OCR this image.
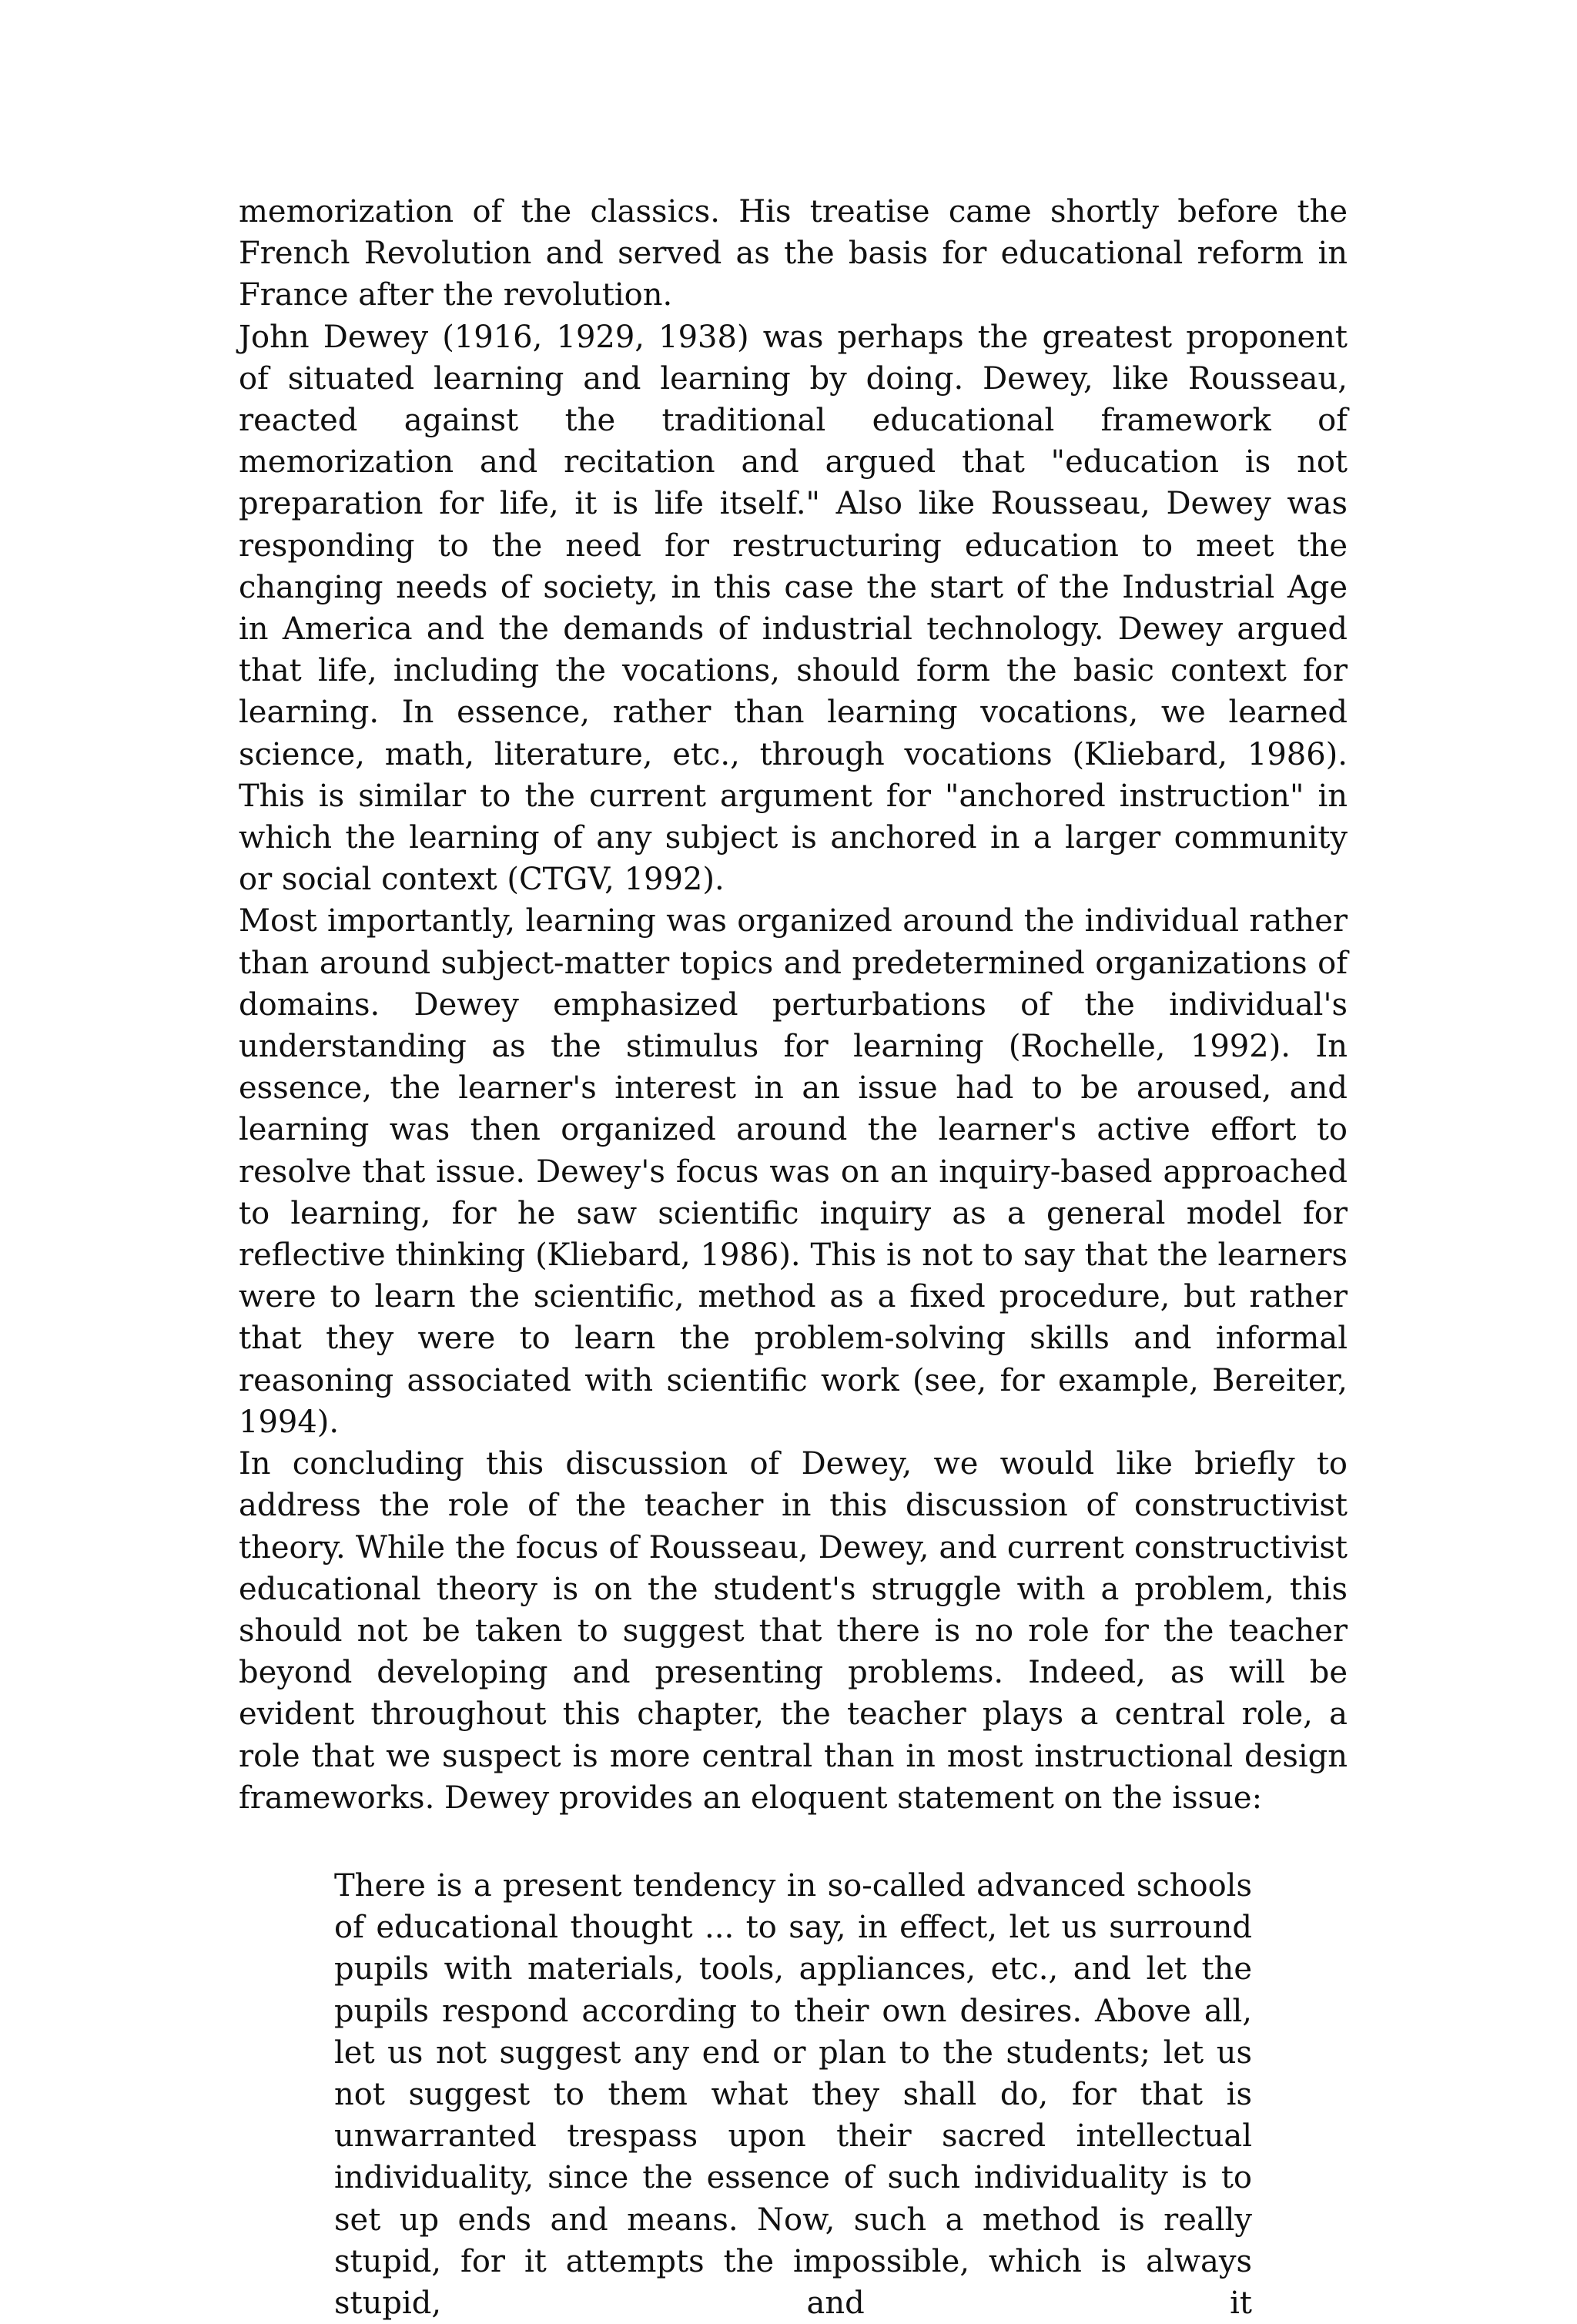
memorization of the classics. His treatise came shortly before the French Revolution and served as the basis for educational reform in France after the revolution.

John Dewey (1916, 1929, 1938) was perhaps the greatest proponent of situated learning and learning by doing. Dewey, like Rousseau, reacted against the traditional educational framework of memorization and recitation and argued that "education is not preparation for life, it is life itself." Also like Rousseau, Dewey was responding to the need for restructuring education to meet the changing needs of society, in this case the start of the Industrial Age in America and the demands of industrial technology. Dewey argued that life, including the vocations, should form the basic context for learning. In essence, rather than learning vocations, we learned science, math, literature, etc., through vocations (Kliebard, 1986). This is similar to the current argument for "anchored instruction" in which the learning of any subject is anchored in a larger community or social context (CTGV, 1992).

Most importantly, learning was organized around the individual rather than around subject-matter topics and predetermined organizations of domains. Dewey emphasized perturbations of the individual's understanding as the stimulus for learning (Rochelle, 1992). In essence, the learner's interest in an issue had to be aroused, and learning was then organized around the learner's active effort to resolve that issue. Dewey's focus was on an inquiry-based approached to learning, for he saw scientific inquiry as a general model for reflective thinking (Kliebard, 1986). This is not to say that the learners were to learn the scientific, method as a fixed procedure, but rather that they were to learn the problem-solving skills and informal reasoning associated with scientific work (see, for example, Bereiter, 1994).

In concluding this discussion of Dewey, we would like briefly to address the role of the teacher in this discussion of constructivist theory. While the focus of Rousseau, Dewey, and current constructivist educational theory is on the student's struggle with a problem, this should not be taken to suggest that there is no role for the teacher beyond developing and presenting problems. Indeed, as will be evident throughout this chapter, the teacher plays a central role, a role that we suspect is more central than in most instructional design frameworks. Dewey provides an eloquent statement on the issue:

There is a present tendency in so-called advanced schools of educational thought ... to say, in effect, let us surround pupils with materials, tools, appliances, etc., and let the pupils respond according to their own desires. Above all, let us not suggest any end or plan to the students; let us not suggest to them what they shall do, for that is unwarranted trespass upon their sacred intellectual individuality, since the essence of such individuality is to set up ends and means. Now, such a method is really stupid, for it attempts the impossible, which is always stupid, and it
